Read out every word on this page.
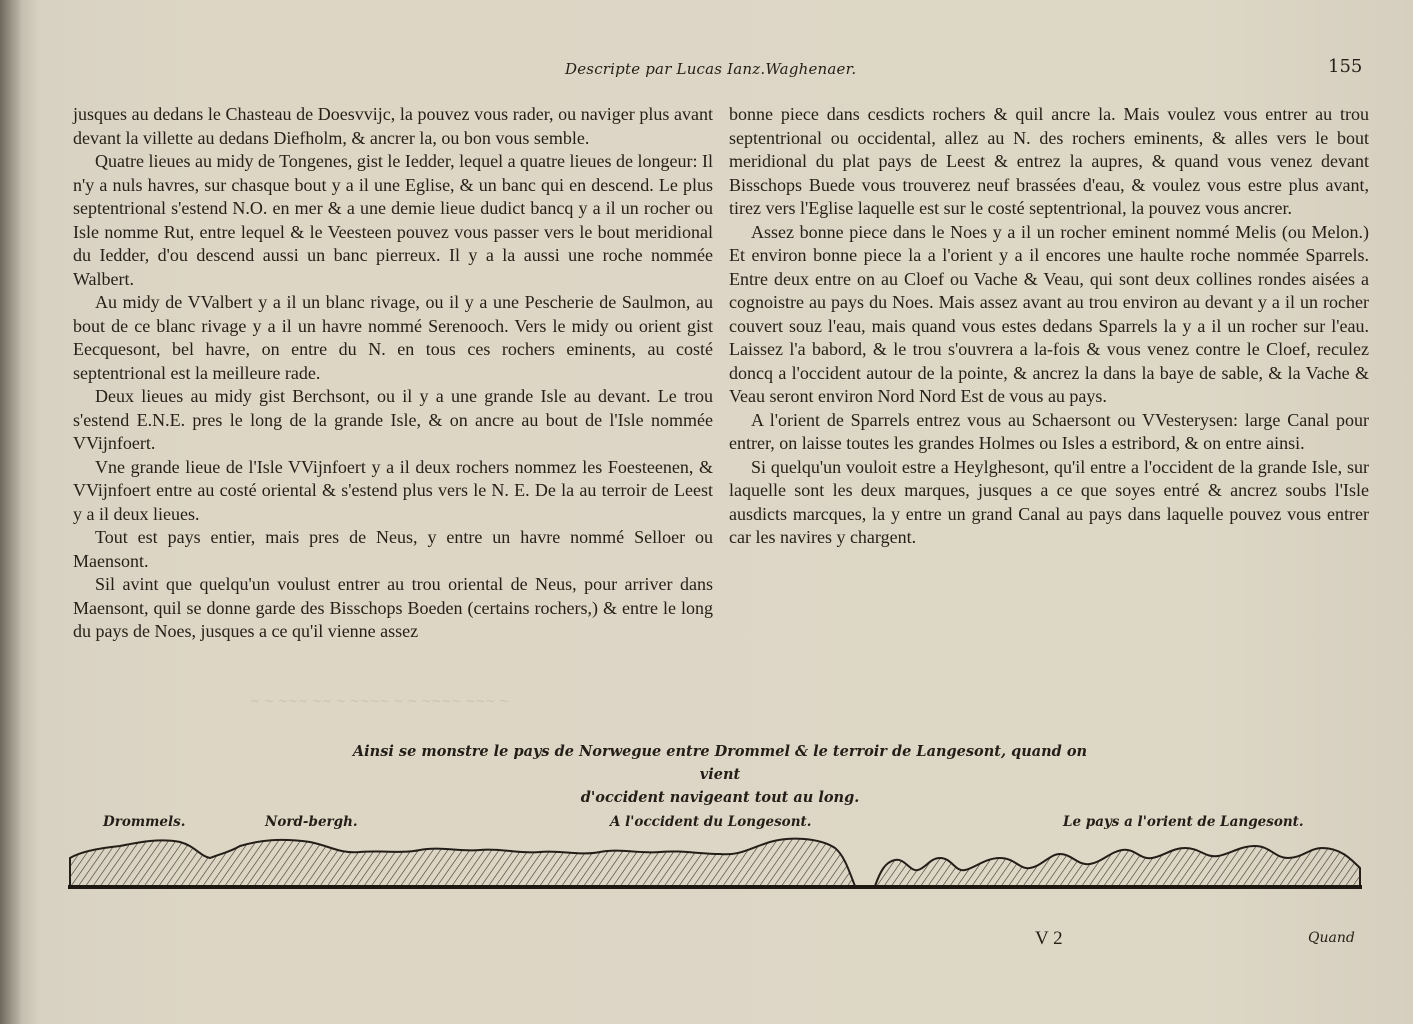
~ ~ ~~~ ~~ ~ ~~~~ ~ ~ ~~~~ ~~~ ~
Descripte par Lucas Ianz.Waghenaer.	155

jusques au dedans le Chasteau de Doesvvijc, la pouvez vous rader, ou naviger plus avant devant la villette au dedans Diefholm, & ancrer la, ou bon vous semble.

Quatre lieues au midy de Tongenes, gist le Iedder, lequel a quatre lieues de longeur: Il n'y a nuls havres, sur chasque bout y a il une Eglise, & un banc qui en descend. Le plus septentrional s'estend N.O. en mer & a une demie lieue dudict bancq y a il un rocher ou Isle nomme Rut, entre lequel & le Veesteen pouvez vous passer vers le bout meridional du Iedder, d'ou descend aussi un banc pierreux. Il y a la aussi une roche nommée Walbert.

Au midy de VValbert y a il un blanc rivage, ou il y a une Pescherie de Saulmon, au bout de ce blanc rivage y a il un havre nommé Serenooch. Vers le midy ou orient gist Eecquesont, bel havre, on entre du N. en tous ces rochers eminents, au costé septentrional est la meilleure rade.

Deux lieues au midy gist Berchsont, ou il y a une grande Isle au devant. Le trou s'estend E.N.E. pres le long de la grande Isle, & on ancre au bout de l'Isle nommée VVijnfoert.

Vne grande lieue de l'Isle VVijnfoert y a il deux rochers nommez les Foesteenen, & VVijnfoert entre au costé oriental & s'estend plus vers le N. E. De la au terroir de Leest y a il deux lieues.

Tout est pays entier, mais pres de Neus, y entre un havre nommé Selloer ou Maensont.

Sil avint que quelqu'un voulust entrer au trou oriental de Neus, pour arriver dans Maensont, quil se donne garde des Bisschops Boeden (certains rochers,) & entre le long du pays de Noes, jusques a ce qu'il vienne assez

bonne piece dans cesdicts rochers & quil ancre la. Mais voulez vous entrer au trou septentrional ou occidental, allez au N. des rochers eminents, & alles vers le bout meridional du plat pays de Leest & entrez la aupres, & quand vous venez devant Bisschops Buede vous trouverez neuf brassées d'eau, & voulez vous estre plus avant, tirez vers l'Eglise laquelle est sur le costé septentrional, la pouvez vous ancrer.

Assez bonne piece dans le Noes y a il un rocher eminent nommé Melis (ou Melon.) Et environ bonne piece la a l'orient y a il encores une haulte roche nommée Sparrels. Entre deux entre on au Cloef ou Vache & Veau, qui sont deux collines rondes aisées a cognoistre au pays du Noes. Mais assez avant au trou environ au devant y a il un rocher couvert souz l'eau, mais quand vous estes dedans Sparrels la y a il un rocher sur l'eau. Laissez l'a babord, & le trou s'ouvrera a la-fois & vous venez contre le Cloef, reculez doncq a l'occident autour de la pointe, & ancrez la dans la baye de sable, & la Vache & Veau seront environ Nord Nord Est de vous au pays.

A l'orient de Sparrels entrez vous au Schaersont ou VVesterysen: large Canal pour entrer, on laisse toutes les grandes Holmes ou Isles a estribord, & on entre ainsi.

Si quelqu'un vouloit estre a Heylghesont, qu'il entre a l'occident de la grande Isle, sur laquelle sont les deux marques, jusques a ce que soyes entré & ancrez soubs l'Isle ausdicts marcques, la y entre un grand Canal au pays dans laquelle pouvez vous entrer car les navires y chargent.

Ainsi se monstre le pays de Norwegue entre Drommel & le terroir de Langesont, quand on vient
d'occident navigeant tout au long.
Drommels.	Nord-bergh.	A l'occident du Longesont.	Le pays a l'orient de Langesont.
V 2	Quand
